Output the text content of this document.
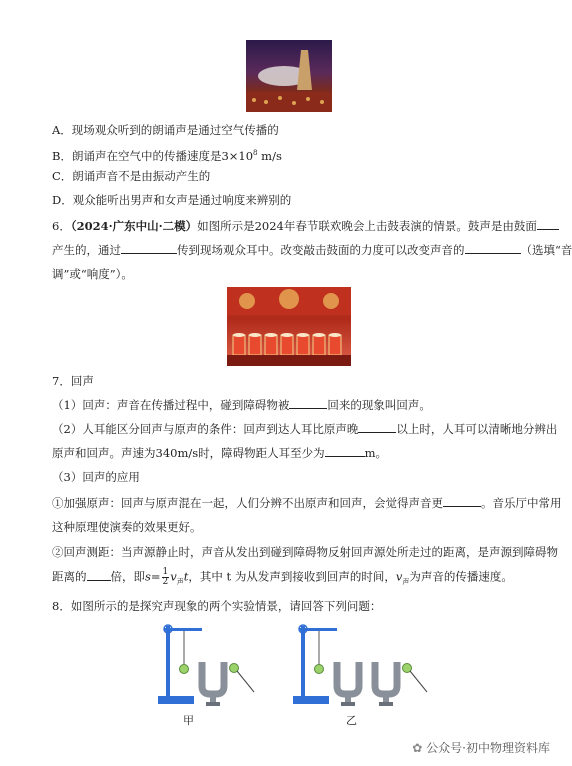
A．现场观众听到的朗诵声是通过空气传播的
B．朗诵声在空气中的传播速度是$3\times 10^8$ m/s
C．朗诵声音不是由振动产生的
D．观众能听出男声和女声是通过响度来辨别的
6．（2024·广东中山·二模）如图所示是2024年春节联欢晚会上击鼓表演的情景。鼓声是由鼓面
产生的，通过	传到现场观众耳中。改变敲击鼓面的力度可以改变声音的	（选填“音
调”或“响度”）。
7．回声
（1）回声：声音在传播过程中，碰到障碍物被	回来的现象叫回声。
（2）人耳能区分回声与原声的条件：回声到达人耳比原声晚	以上时，人耳可以清晰地分辨出
原声和回声。声速为340m/s时，障碍物距人耳至少为	m。
（3）回声的应用
①加强原声：回声与原声混在一起，人们分辨不出原声和回声，会觉得声音更	。音乐厅中常用
这种原理使演奏的效果更好。
②回声测距：当声源静止时，声音从发出到碰到障碍物反射回声源处所走过的距离，是声源到障碍物
距离的 倍，即$s= \frac{1}{2} v_声t$，其中 t 为从发声到接收到回声的时间，$v_声$为声音的传播速度。
8．如图所示的是探究声现象的两个实验情景，请回答下列问题：
甲	乙
✿ 公众号·初中物理资料库
